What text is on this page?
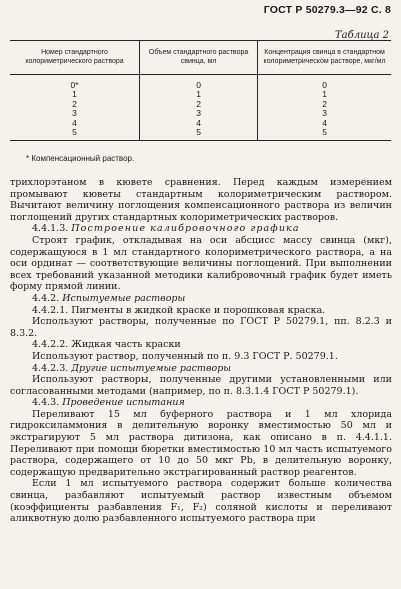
ГОСТ Р 50279.3—92 С. 8
Таблица 2
Номер стандартного колориметрического раствора	Объем стандартного раствора свинца, мл	Концентрация свинца в стандартном колориметрическом растворе, мкг/мл
0*	0	0
1	1	1
2	2	2
3	3	3
4	4	4
5	5	5
* Компенсационный раствор.

трихлорэтаном в кювете сравнения. Перед каждым измерением промывают кюветы стандартным колориметрическим раствором. Вычитают величину поглощения компенсационного раствора из величин поглощений других стандартных колориметрических растворов.

4.4.1.3. Построение калибровочного графика

Строят график, откладывая на оси абсцисс массу свинца (мкг), содержащуюся в 1 мл стандартного колориметрического раствора, а на оси ординат — соответствующие величины поглощений. При выполнении всех требований указанной методики калибровочный график будет иметь форму прямой линии.

4.4.2. Испытуемые растворы

4.4.2.1. Пигменты в жидкой краске и порошковая краска.

Используют растворы, полученные по ГОСТ Р 50279.1, пп. 8.2.3 и 8.3.2.

4.4.2.2. Жидкая часть краски

Используют раствор, полученный по п. 9.3 ГОСТ Р. 50279.1.

4.4.2.3. Другие испытуемые растворы

Используют растворы, полученные другими установленными или согласованными методами (например, по п. 8.3.1.4 ГОСТ Р 50279.1).

4.4.3. Проведение испытания

Переливают 15 мл буферного раствора и 1 мл хлорида гидроксиламмония в делительную воронку вместимостью 50 мл и экстрагируют 5 мл раствора дитизона, как описано в п. 4.4.1.1. Переливают при помощи бюретки вместимостью 10 мл часть испытуемого раствора, содержащего от 10 до 50 мкг Pb, в делительную воронку, содержащую предварительно экстрагированный раствор реагентов.

Если 1 мл испытуемого раствора содержит больше количества свинца, разбавляют испытуемый раствор известным объемом (коэффициенты разбавления F₁, F₂) соляной кислоты и переливают аликвотную долю разбавленного испытуемого раствора при
